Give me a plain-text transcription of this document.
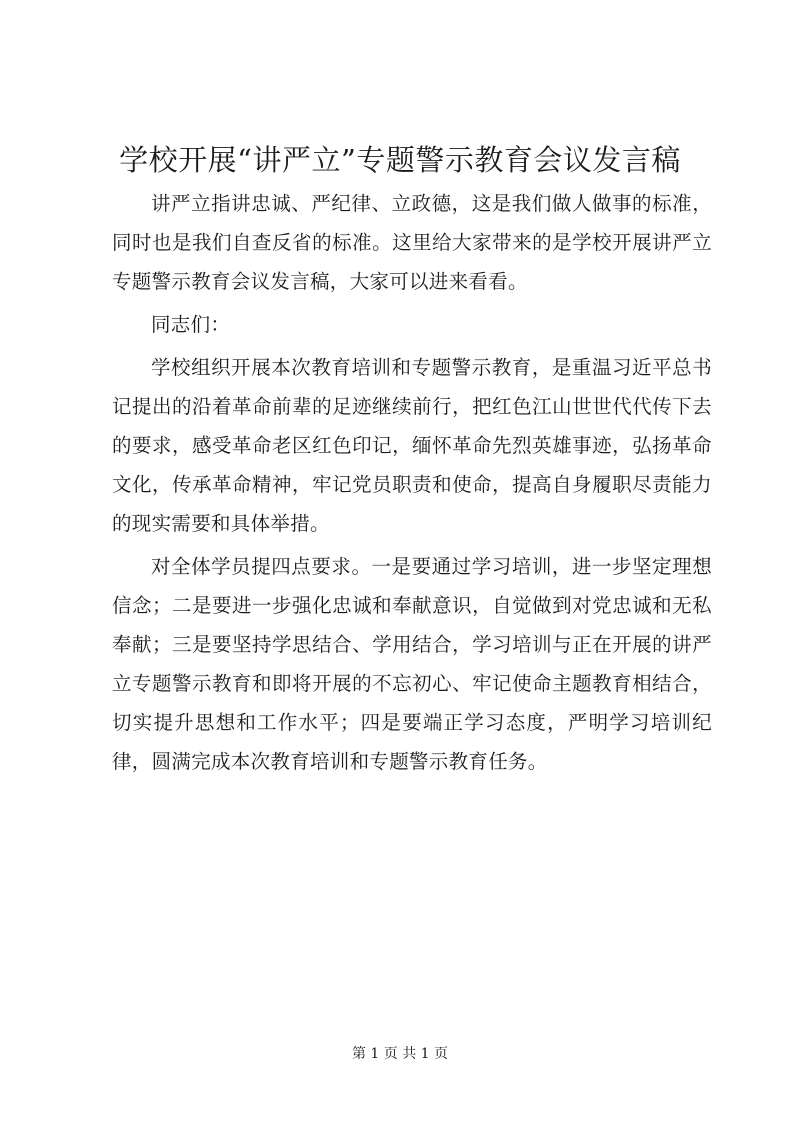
学校开展“讲严立”专题警示教育会议发言稿

讲严立指讲忠诚、严纪律、立政德，这是我们做人做事的标准，同时也是我们自查反省的标准。这里给大家带来的是学校开展讲严立专题警示教育会议发言稿，大家可以进来看看。

同志们：

学校组织开展本次教育培训和专题警示教育，是重温习近平总书记提出的沿着革命前辈的足迹继续前行，把红色江山世世代代传下去的要求，感受革命老区红色印记，缅怀革命先烈英雄事迹，弘扬革命文化，传承革命精神，牢记党员职责和使命，提高自身履职尽责能力的现实需要和具体举措。

对全体学员提四点要求。一是要通过学习培训，进一步坚定理想信念；二是要进一步强化忠诚和奉献意识，自觉做到对党忠诚和无私奉献；三是要坚持学思结合、学用结合，学习培训与正在开展的讲严立专题警示教育和即将开展的不忘初心、牢记使命主题教育相结合，切实提升思想和工作水平；四是要端正学习态度，严明学习培训纪律，圆满完成本次教育培训和专题警示教育任务。

第 1 页 共 1 页
